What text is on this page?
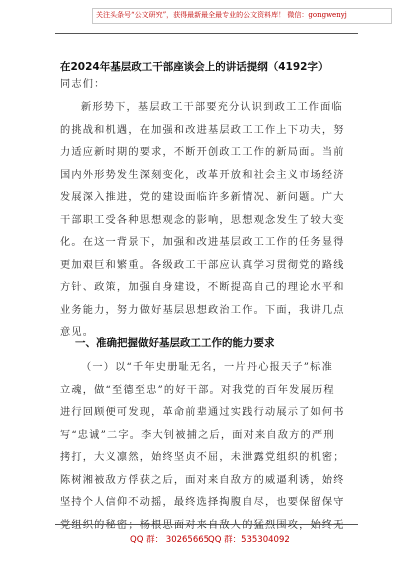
关注头条号“公文研究”，获得最新最全最专业的公文资料库！ 微信：gongwenyj
在2024年基层政工干部座谈会上的讲话提纲（4192字）
同志们：
新形势下，基层政工干部要充分认识到政工工作面临
的挑战和机遇，在加强和改进基层政工工作上下功夫，努
力适应新时期的要求，不断开创政工工作的新局面。当前
国内外形势发生深刻变化，改革开放和社会主义市场经济
发展深入推进，党的建设面临许多新情况、新问题。广大
干部职工受各种思想观念的影响，思想观念发生了较大变
化。在这一背景下，加强和改进基层政工工作的任务显得
更加艰巨和繁重。各级政工干部应认真学习贯彻党的路线
方针、政策，加强自身建设，不断提高自己的理论水平和
业务能力，努力做好基层思想政治工作。下面，我讲几点
意见。
一、准确把握做好基层政工工作的能力要求
（一）以“千年史册耻无名，一片丹心报天子”标准
立魂，做“至德至忠”的好干部。对我党的百年发展历程
进行回顾便可发现，革命前辈通过实践行动展示了如何书
写“忠诚”二字。李大钊被捕之后，面对来自敌方的严刑
拷打，大义凛然，始终坚贞不屈，未泄露党组织的机密；
陈树湘被敌方俘获之后，面对来自敌方的威逼利诱，始终
坚持个人信仰不动摇，最终选择掏腹自尽，也要保留保守
党组织的秘密；杨根思面对来自敌人的猛烈围攻，始终无
QQ 群： 30265665
QQ 群：535304092
